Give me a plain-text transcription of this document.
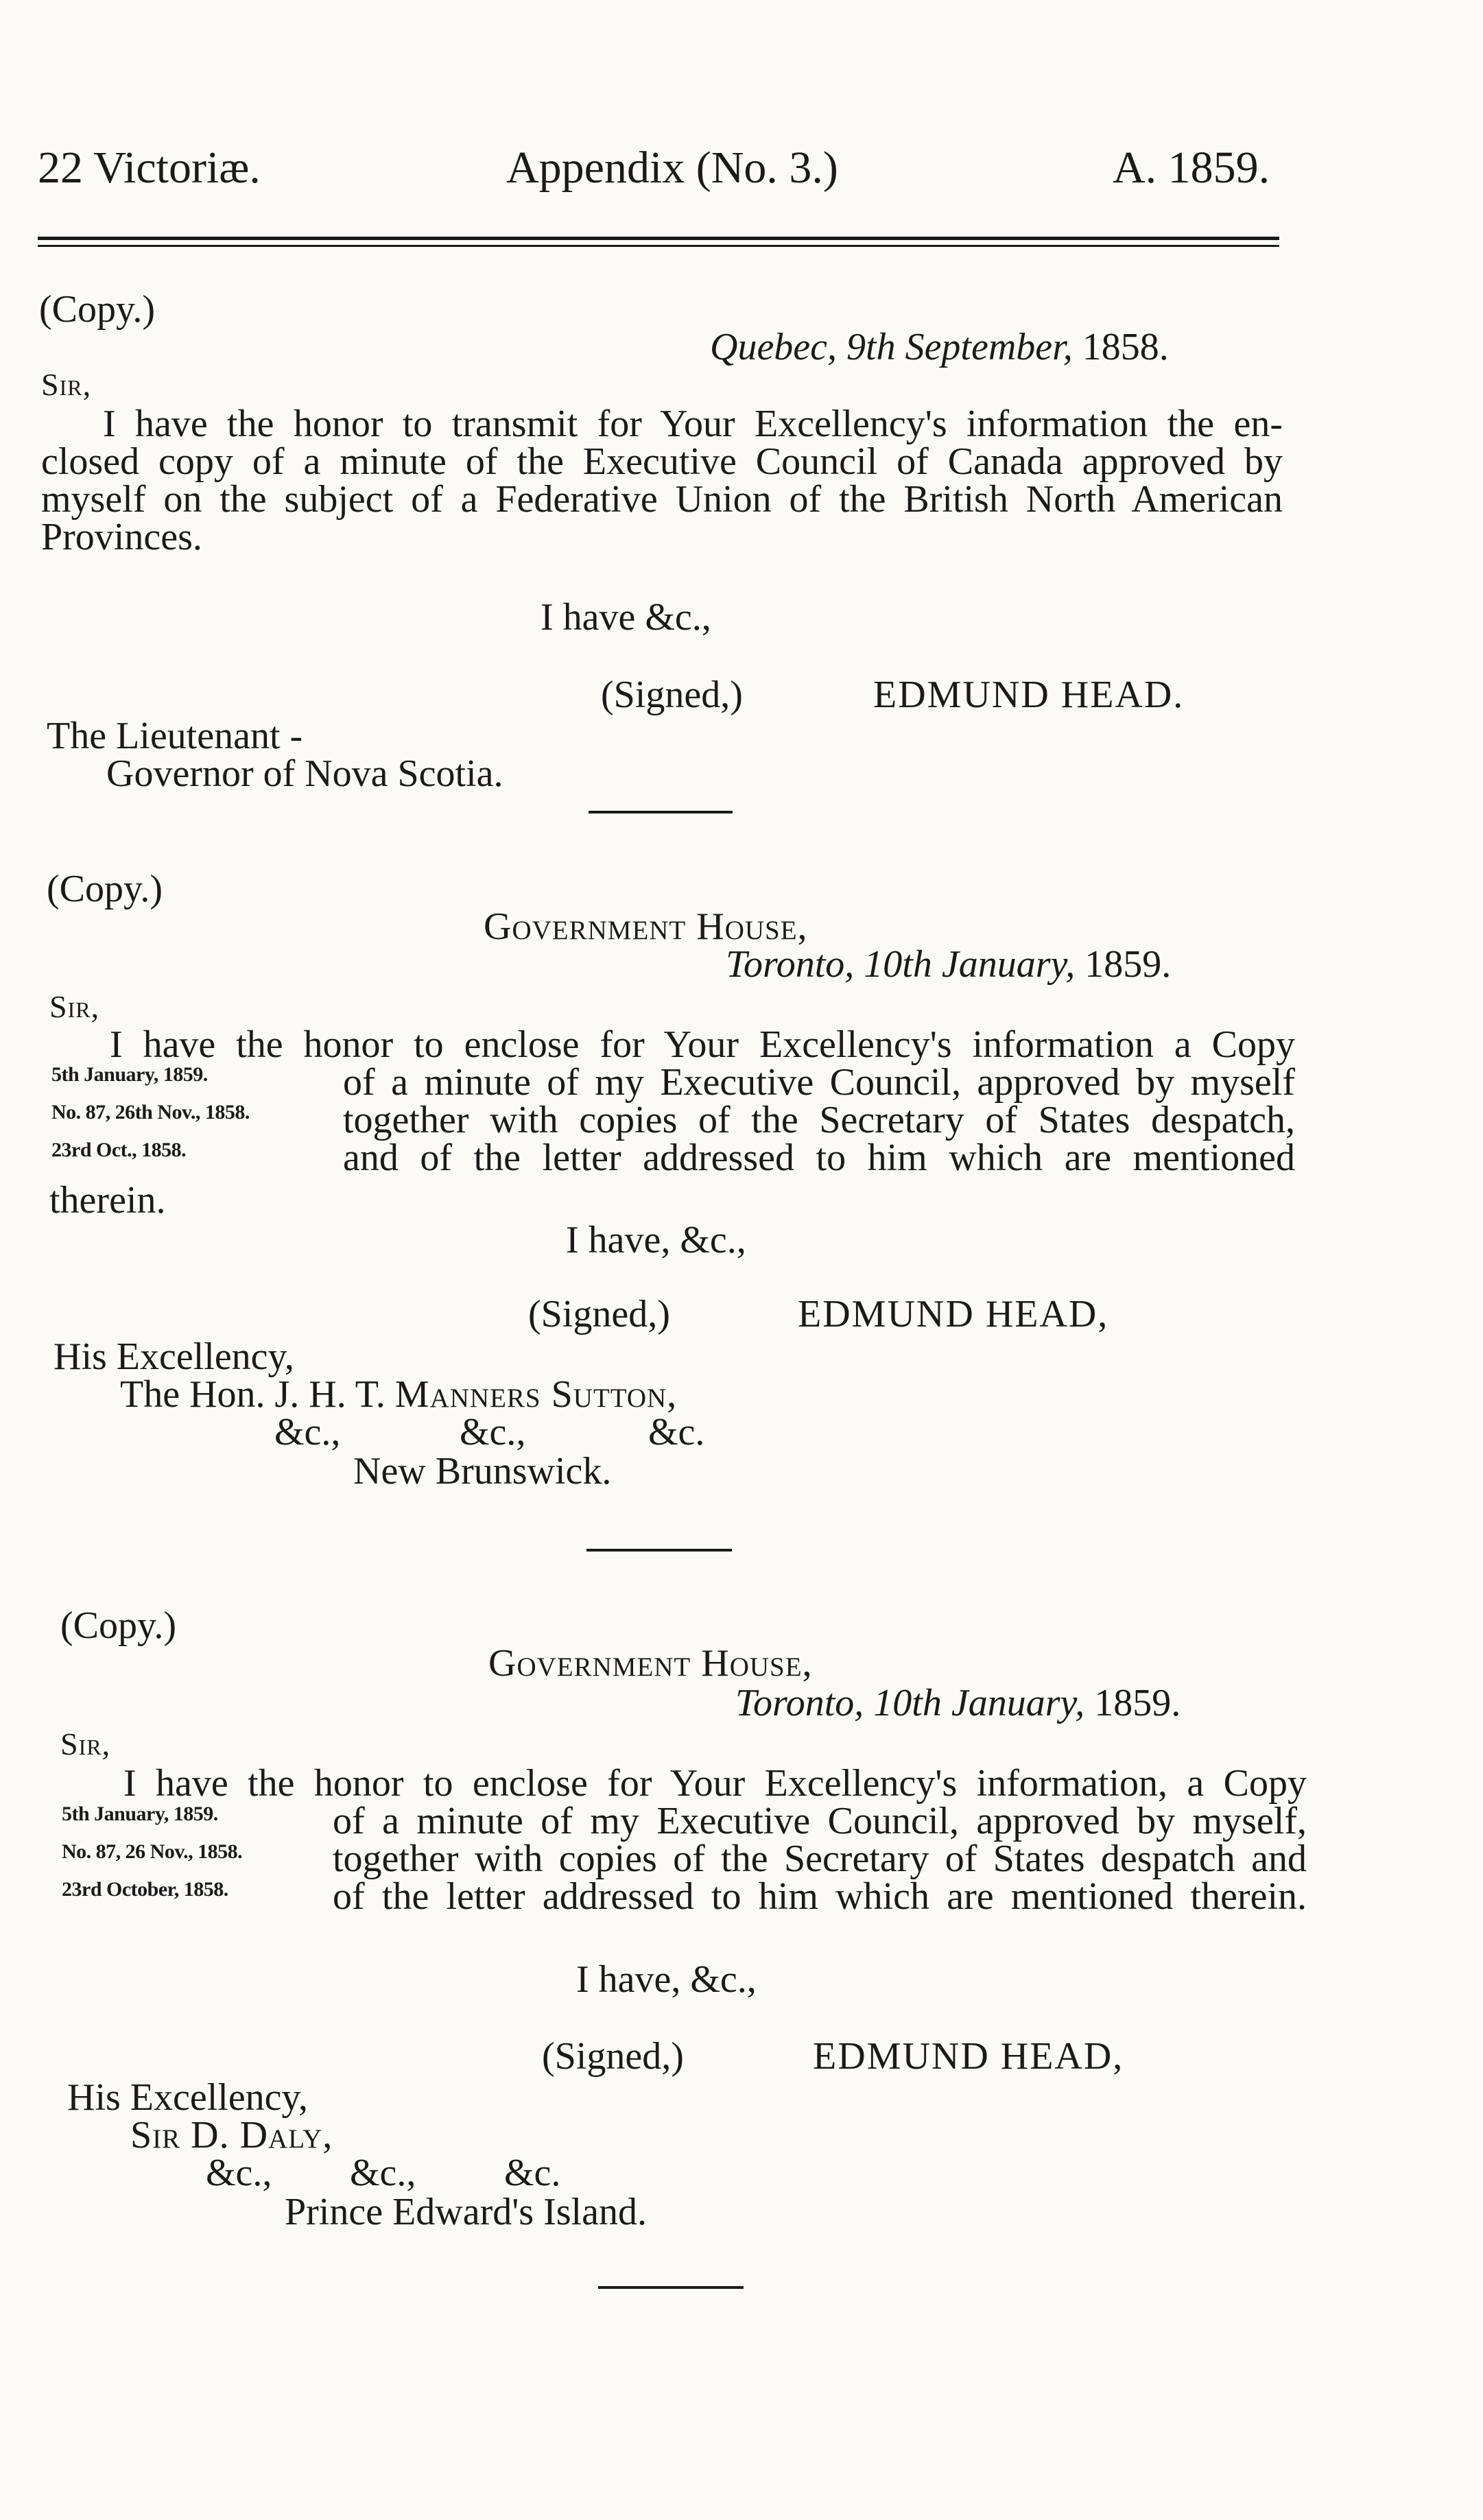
22 Victoriæ.	Appendix (No. 3.)	A. 1859.
(Copy.)
Quebec, 9th September, 1858.
Sir,
I have the honor to transmit for Your Excellency's information the en-
closed copy of a minute of the Executive Council of Canada approved by
myself on the subject of a Federative Union of the British North American
Provinces.
I have &c.,
(Signed,)	EDMUND HEAD.
The Lieutenant -
Governor of Nova Scotia.
(Copy.)
Government House,
Toronto, 10th January, 1859.
Sir,
I have the honor to enclose for Your Excellency's information a Copy
5th January, 1859.
No. 87, 26th Nov., 1858.
23rd Oct., 1858.
of a minute of my Executive Council, approved by myself
together with copies of the Secretary of States despatch,
and of the letter addressed to him which are mentioned
therein.
I have, &c.,
(Signed,)	EDMUND HEAD,
His Excellency,
The Hon. J. H. T. Manners Sutton,
&c.,	&c.,	&c.
New Brunswick.
(Copy.)
Government House,
Toronto, 10th January, 1859.
Sir,
I have the honor to enclose for Your Excellency's information, a Copy
5th January, 1859.
No. 87, 26 Nov., 1858.
23rd October, 1858.
of a minute of my Executive Council, approved by myself,
together with copies of the Secretary of States despatch and
of the letter addressed to him which are mentioned therein.
I have, &c.,
(Signed,)	EDMUND HEAD,
His Excellency,
Sir D. Daly,
&c., &c., &c.
Prince Edward's Island.
